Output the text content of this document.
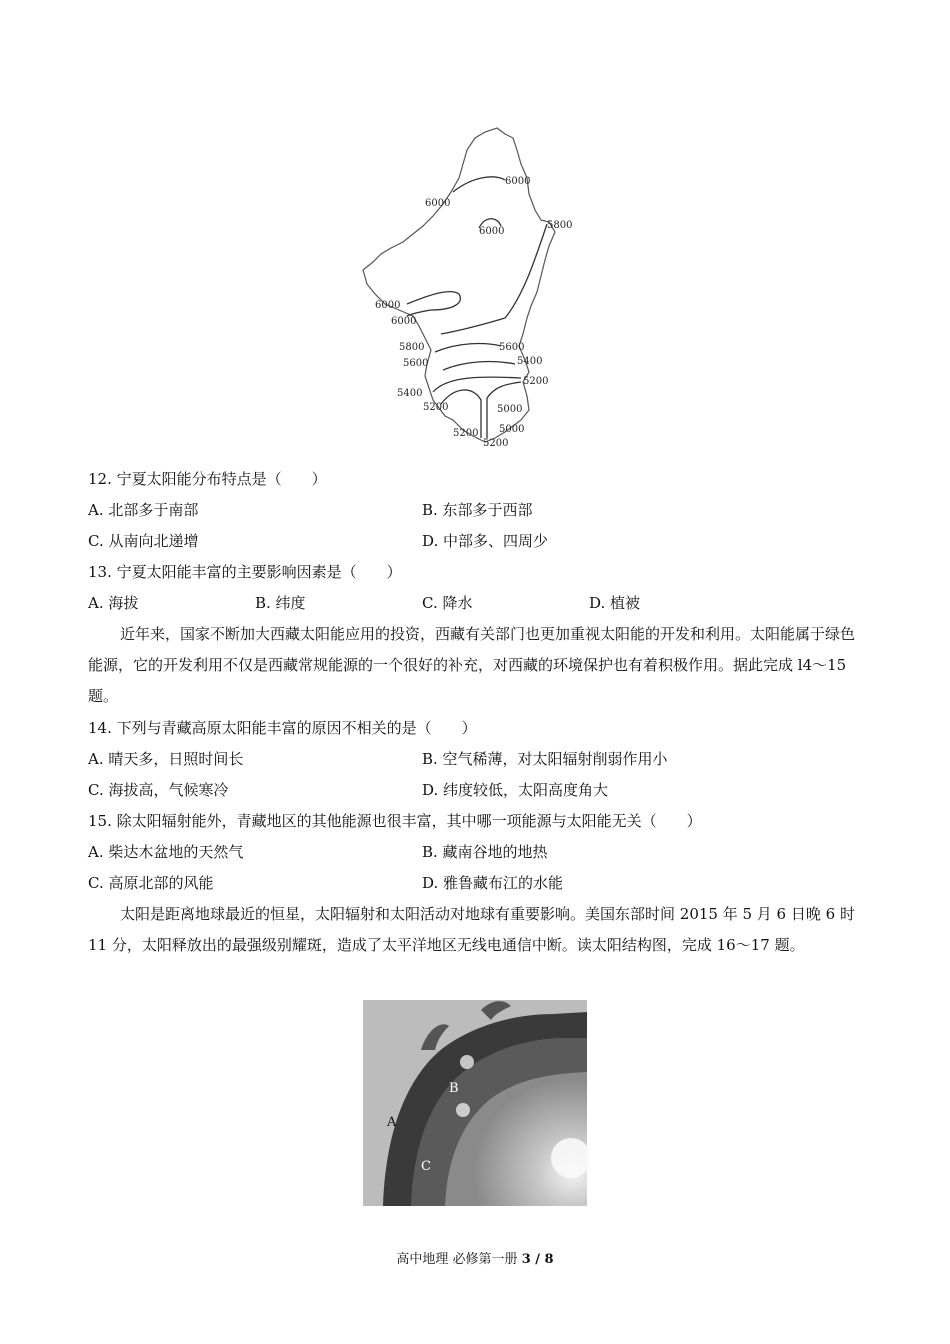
6000
6000
6000
5800
6000
6000
5800
5600
5600
5400
5400
5200
5200	5000
5200 5000
5200
12. 宁夏太阳能分布特点是（　　）
A. 北部多于南部	B. 东部多于西部
C. 从南向北递增	D. 中部多、四周少
13. 宁夏太阳能丰富的主要影响因素是（　　）
A. 海拔	B. 纬度	C. 降水	D. 植被
近年来，国家不断加大西藏太阳能应用的投资，西藏有关部门也更加重视太阳能的开发和利用。太阳能属于绿色能源，它的开发利用不仅是西藏常规能源的一个很好的补充，对西藏的环境保护也有着积极作用。据此完成 l4～15 题。
14. 下列与青藏高原太阳能丰富的原因不相关的是（　　）
A. 晴天多，日照时间长	B. 空气稀薄，对太阳辐射削弱作用小
C. 海拔高，气候寒冷	D. 纬度较低，太阳高度角大
15. 除太阳辐射能外，青藏地区的其他能源也很丰富，其中哪一项能源与太阳能无关（　　）
A. 柴达木盆地的天然气	B. 藏南谷地的地热
C. 高原北部的风能	D. 雅鲁藏布江的水能
太阳是距离地球最近的恒星，太阳辐射和太阳活动对地球有重要影响。美国东部时间 2015 年 5 月 6 日晚 6 时 11 分，太阳释放出的最强级别耀斑，造成了太平洋地区无线电通信中断。读太阳结构图，完成 16～17 题。
A
B
C
高中地理 必修第一册 3 / 8
